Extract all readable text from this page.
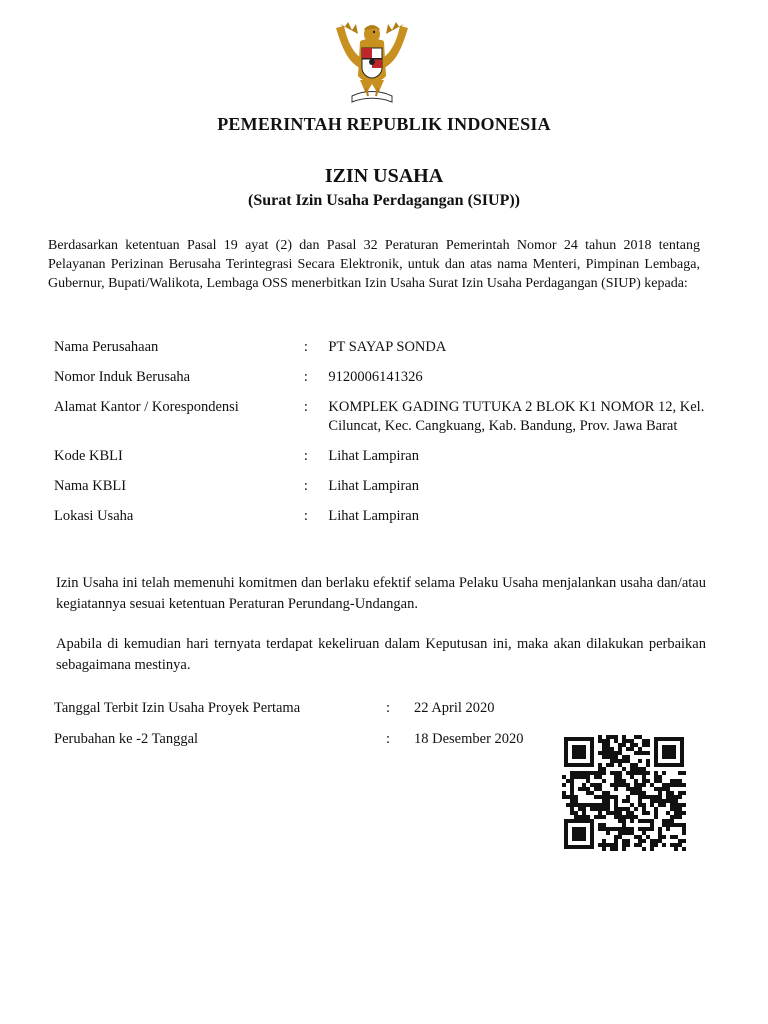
PEMERINTAH REPUBLIK INDONESIA
IZIN USAHA
(Surat Izin Usaha Perdagangan (SIUP))
Berdasarkan ketentuan Pasal 19 ayat (2) dan Pasal 32 Peraturan Pemerintah Nomor 24 tahun 2018 tentang Pelayanan Perizinan Berusaha Terintegrasi Secara Elektronik, untuk dan atas nama Menteri, Pimpinan Lembaga, Gubernur, Bupati/Walikota, Lembaga OSS menerbitkan Izin Usaha Surat Izin Usaha Perdagangan (SIUP) kepada:
Nama Perusahaan	:	PT SAYAP SONDA
Nomor Induk Berusaha	:	9120006141326
Alamat Kantor / Korespondensi	:	KOMPLEK GADING TUTUKA 2 BLOK K1 NOMOR 12, Kel. Ciluncat, Kec. Cangkuang, Kab. Bandung, Prov. Jawa Barat
Kode KBLI	:	Lihat Lampiran
Nama KBLI	:	Lihat Lampiran
Lokasi Usaha	:	Lihat Lampiran
Izin Usaha ini telah memenuhi komitmen dan berlaku efektif selama Pelaku Usaha menjalankan usaha dan/atau kegiatannya sesuai ketentuan Peraturan Perundang-Undangan.
Apabila di kemudian hari ternyata terdapat kekeliruan dalam Keputusan ini, maka akan dilakukan perbaikan sebagaimana mestinya.
Tanggal Terbit Izin Usaha Proyek Pertama	:	22 April 2020
Perubahan ke -2 Tanggal	:	18 Desember 2020
